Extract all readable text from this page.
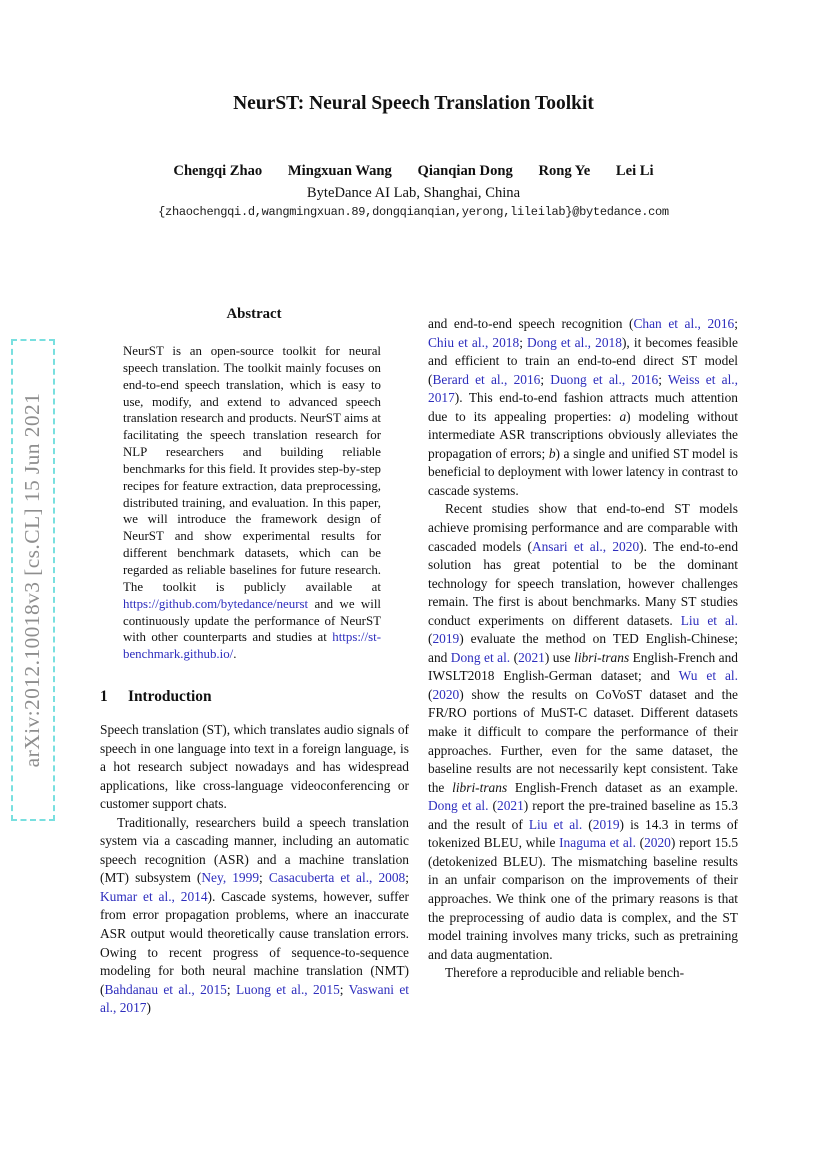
arXiv:2012.10018v3 [cs.CL] 15 Jun 2021
NeurST: Neural Speech Translation Toolkit
Chengqi Zhao Mingxuan Wang Qianqian Dong Rong Ye Lei Li
ByteDance AI Lab, Shanghai, China
{zhaochengqi.d,wangmingxuan.89,dongqianqian,yerong,lileilab}@bytedance.com
Abstract

NeurST is an open-source toolkit for neural speech translation. The toolkit mainly focuses on end-to-end speech translation, which is easy to use, modify, and extend to advanced speech translation research and products. NeurST aims at facilitating the speech translation research for NLP researchers and building reliable benchmarks for this field. It provides step-by-step recipes for feature extraction, data preprocessing, distributed training, and evaluation. In this paper, we will introduce the framework design of NeurST and show experimental results for different benchmark datasets, which can be regarded as reliable baselines for future research. The toolkit is publicly available at https://github.com/bytedance/neurst and we will continuously update the performance of NeurST with other counterparts and studies at https://st-benchmark.github.io/.

1 Introduction

Speech translation (ST), which translates audio signals of speech in one language into text in a foreign language, is a hot research subject nowadays and has widespread applications, like cross-language videoconferencing or customer support chats.

Traditionally, researchers build a speech translation system via a cascading manner, including an automatic speech recognition (ASR) and a machine translation (MT) subsystem (Ney, 1999; Casacuberta et al., 2008; Kumar et al., 2014). Cascade systems, however, suffer from error propagation problems, where an inaccurate ASR output would theoretically cause translation errors. Owing to recent progress of sequence-to-sequence modeling for both neural machine translation (NMT) (Bahdanau et al., 2015; Luong et al., 2015; Vaswani et al., 2017)

and end-to-end speech recognition (Chan et al., 2016; Chiu et al., 2018; Dong et al., 2018), it becomes feasible and efficient to train an end-to-end direct ST model (Berard et al., 2016; Duong et al., 2016; Weiss et al., 2017). This end-to-end fashion attracts much attention due to its appealing properties: a) modeling without intermediate ASR transcriptions obviously alleviates the propagation of errors; b) a single and unified ST model is beneficial to deployment with lower latency in contrast to cascade systems.

Recent studies show that end-to-end ST models achieve promising performance and are comparable with cascaded models (Ansari et al., 2020). The end-to-end solution has great potential to be the dominant technology for speech translation, however challenges remain. The first is about benchmarks. Many ST studies conduct experiments on different datasets. Liu et al. (2019) evaluate the method on TED English-Chinese; and Dong et al. (2021) use libri-trans English-French and IWSLT2018 English-German dataset; and Wu et al. (2020) show the results on CoVoST dataset and the FR/RO portions of MuST-C dataset. Different datasets make it difficult to compare the performance of their approaches. Further, even for the same dataset, the baseline results are not necessarily kept consistent. Take the libri-trans English-French dataset as an example. Dong et al. (2021) report the pre-trained baseline as 15.3 and the result of Liu et al. (2019) is 14.3 in terms of tokenized BLEU, while Inaguma et al. (2020) report 15.5 (detokenized BLEU). The mismatching baseline results in an unfair comparison on the improvements of their approaches. We think one of the primary reasons is that the preprocessing of audio data is complex, and the ST model training involves many tricks, such as pretraining and data augmentation.

Therefore a reproducible and reliable bench-
